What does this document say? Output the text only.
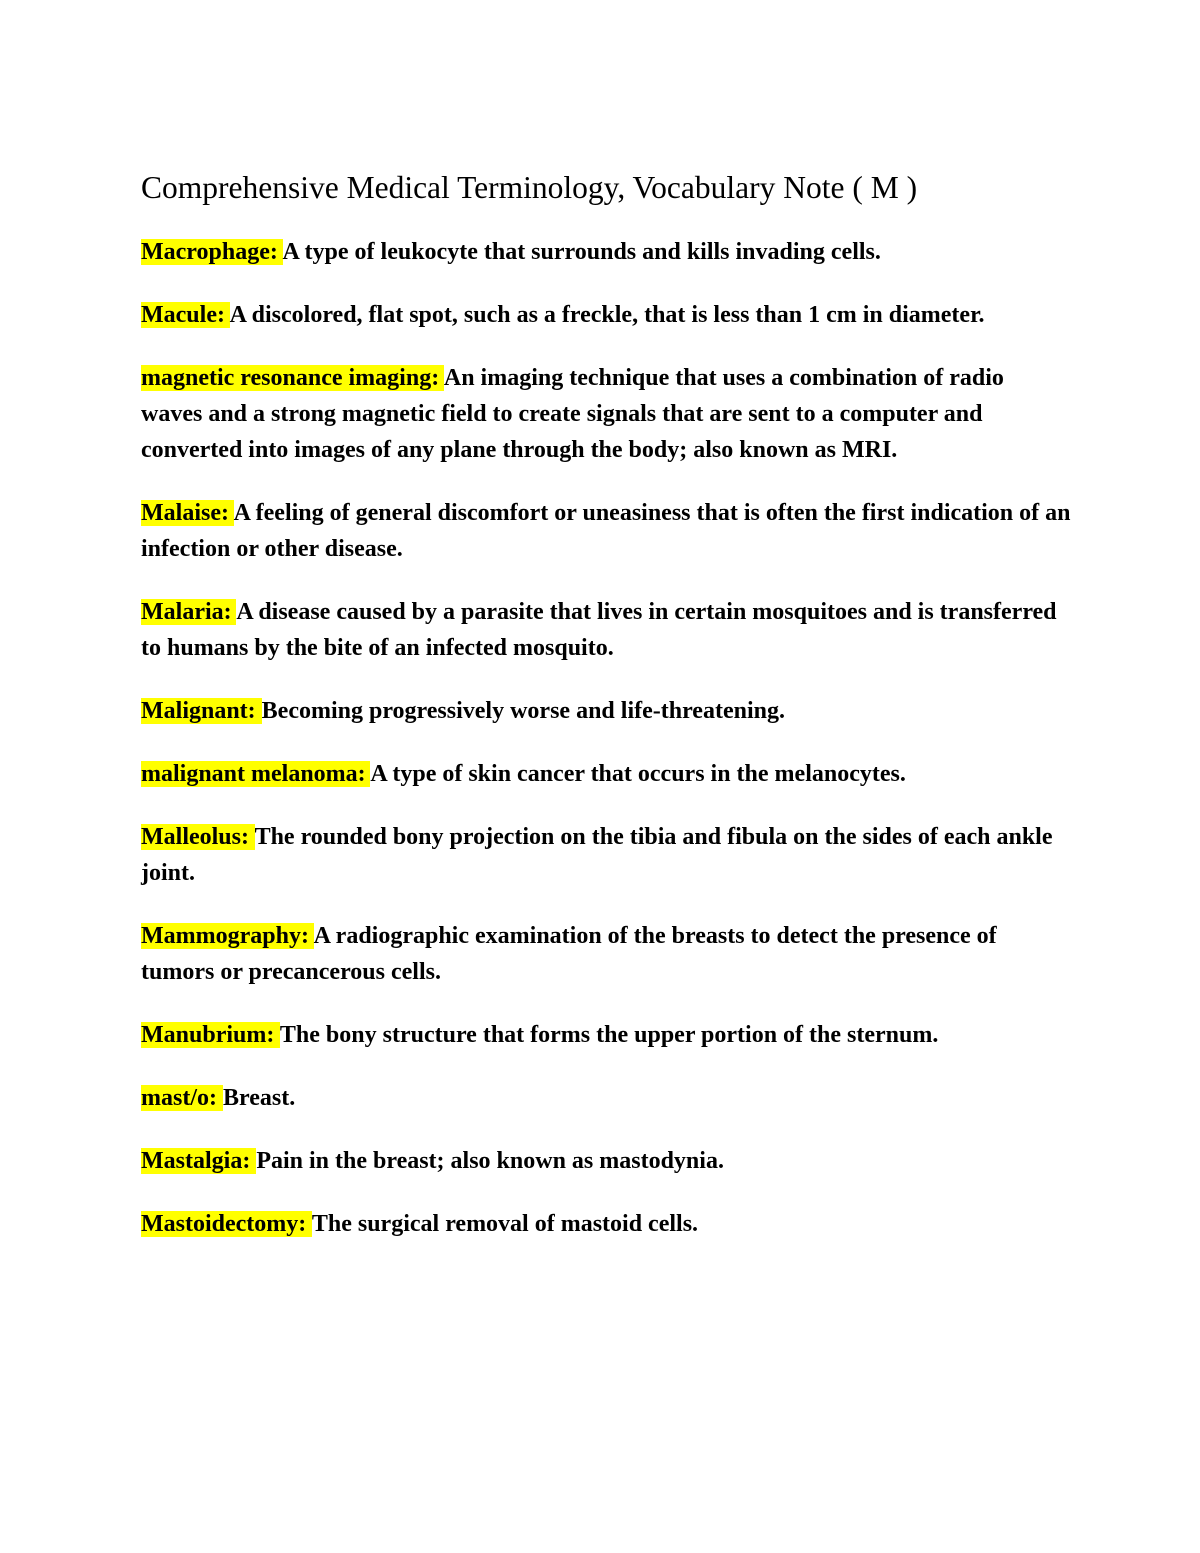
Comprehensive Medical Terminology, Vocabulary Note ( M )

Macrophage: A type of leukocyte that surrounds and kills invading cells.

Macule: A discolored, flat spot, such as a freckle, that is less than 1 cm in diameter.

magnetic resonance imaging: An imaging technique that uses a combination of radio waves and a strong magnetic field to create signals that are sent to a computer and converted into images of any plane through the body; also known as MRI.

Malaise: A feeling of general discomfort or uneasiness that is often the first indication of an infection or other disease.

Malaria: A disease caused by a parasite that lives in certain mosquitoes and is transferred to humans by the bite of an infected mosquito.

Malignant: Becoming progressively worse and life-threatening.

malignant melanoma: A type of skin cancer that occurs in the melanocytes.

Malleolus: The rounded bony projection on the tibia and fibula on the sides of each ankle joint.

Mammography: A radiographic examination of the breasts to detect the presence of tumors or precancerous cells.

Manubrium: The bony structure that forms the upper portion of the sternum.

mast/o: Breast.

Mastalgia: Pain in the breast; also known as mastodynia.

Mastoidectomy: The surgical removal of mastoid cells.
